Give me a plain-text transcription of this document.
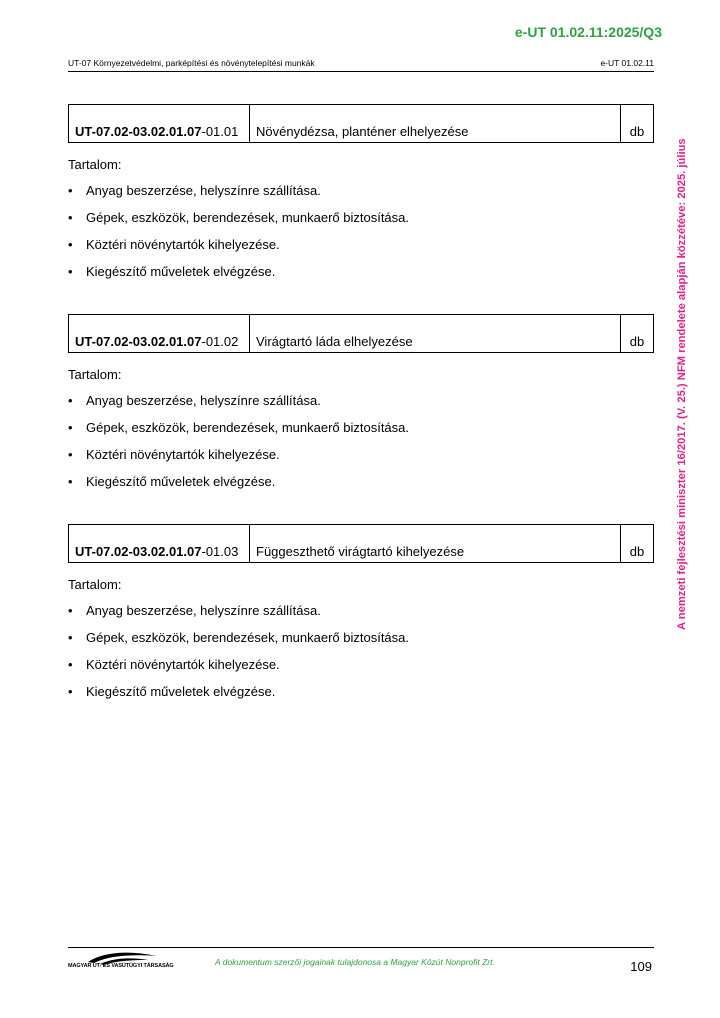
e-UT 01.02.11:2025/Q3
UT-07 Környezetvédelmi, parképítési és növénytelepítési munkák	e-UT 01.02.11
A nemzeti fejlesztési miniszter 16/2017. (V. 25.) NFM rendelete alapján közzétéve: 2025. július
UT-07.02-03.02.01.07-01.01	Növénydézsa, planténer elhelyezése	db

Tartalom:

• Anyag beszerzése, helyszínre szállítása.
• Gépek, eszközök, berendezések, munkaerő biztosítása.
• Köztéri növénytartók kihelyezése.
• Kiegészítő műveletek elvégzése.
UT-07.02-03.02.01.07-01.02	Virágtartó láda elhelyezése	db

Tartalom:

• Anyag beszerzése, helyszínre szállítása.
• Gépek, eszközök, berendezések, munkaerő biztosítása.
• Köztéri növénytartók kihelyezése.
• Kiegészítő műveletek elvégzése.
UT-07.02-03.02.01.07-01.03	Függeszthető virágtartó kihelyezése	db

Tartalom:

• Anyag beszerzése, helyszínre szállítása.
• Gépek, eszközök, berendezések, munkaerő biztosítása.
• Köztéri növénytartók kihelyezése.
• Kiegészítő műveletek elvégzése.
MAGYAR ÚT- ÉS VASÚTÜGYI TÁRSASÁG	A dokumentum szerzői jogainak tulajdonosa a Magyar Közút Nonprofit Zrt.	109
